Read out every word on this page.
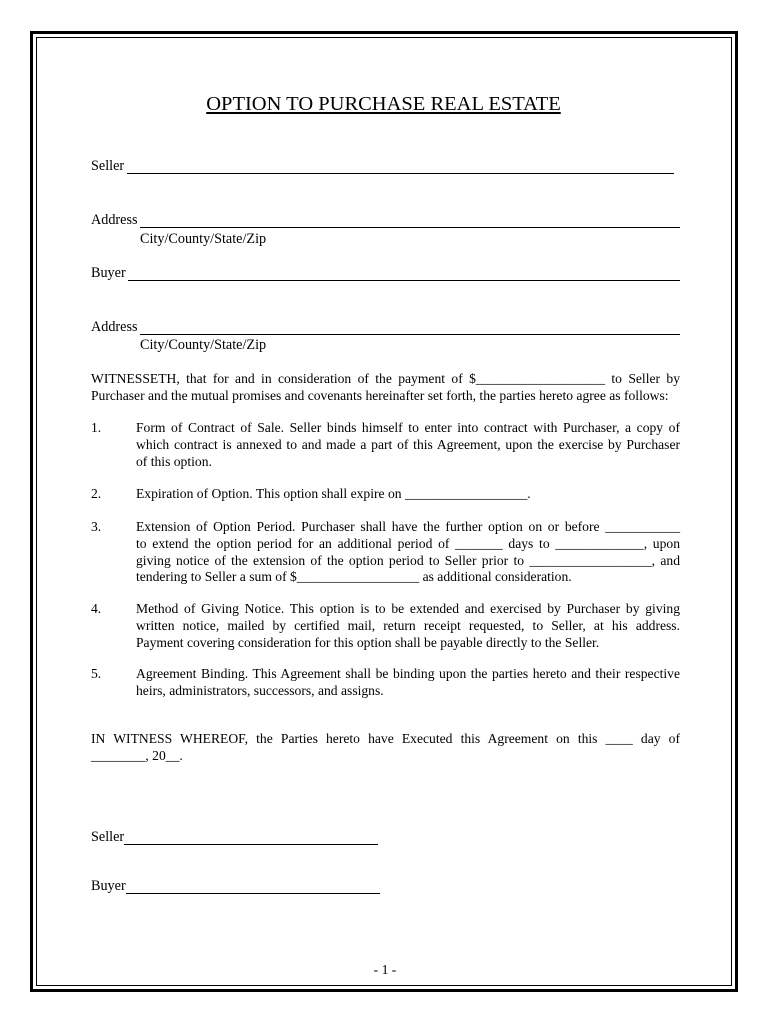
OPTION TO PURCHASE REAL ESTATE
Seller
Address
City/County/State/Zip
Buyer
Address
City/County/State/Zip
WITNESSETH, that for and in consideration of the payment of $___________________ to Seller by
Purchaser and the mutual promises and covenants hereinafter set forth, the parties hereto agree as follows:
1.	Form of Contract of Sale. Seller binds himself to enter into contract with Purchaser, a copy of
which contract is annexed to and made a part of this Agreement, upon the exercise by Purchaser
of this option.
2.	Expiration of Option. This option shall expire on __________________.
3.	Extension of Option Period. Purchaser shall have the further option on or before ___________
to extend the option period for an additional period of _______ days to _____________, upon
giving notice of the extension of the option period to Seller prior to __________________, and
tendering to Seller a sum of $__________________ as additional consideration.
4.	Method of Giving Notice. This option is to be extended and exercised by Purchaser by giving
written notice, mailed by certified mail, return receipt requested, to Seller, at his address.
Payment covering consideration for this option shall be payable directly to the Seller.
5.	Agreement Binding. This Agreement shall be binding upon the parties hereto and their respective
heirs, administrators, successors, and assigns.
IN WITNESS WHEREOF, the Parties hereto have Executed this Agreement on this ____ day of
________, 20__.
Seller
Buyer
- 1 -
